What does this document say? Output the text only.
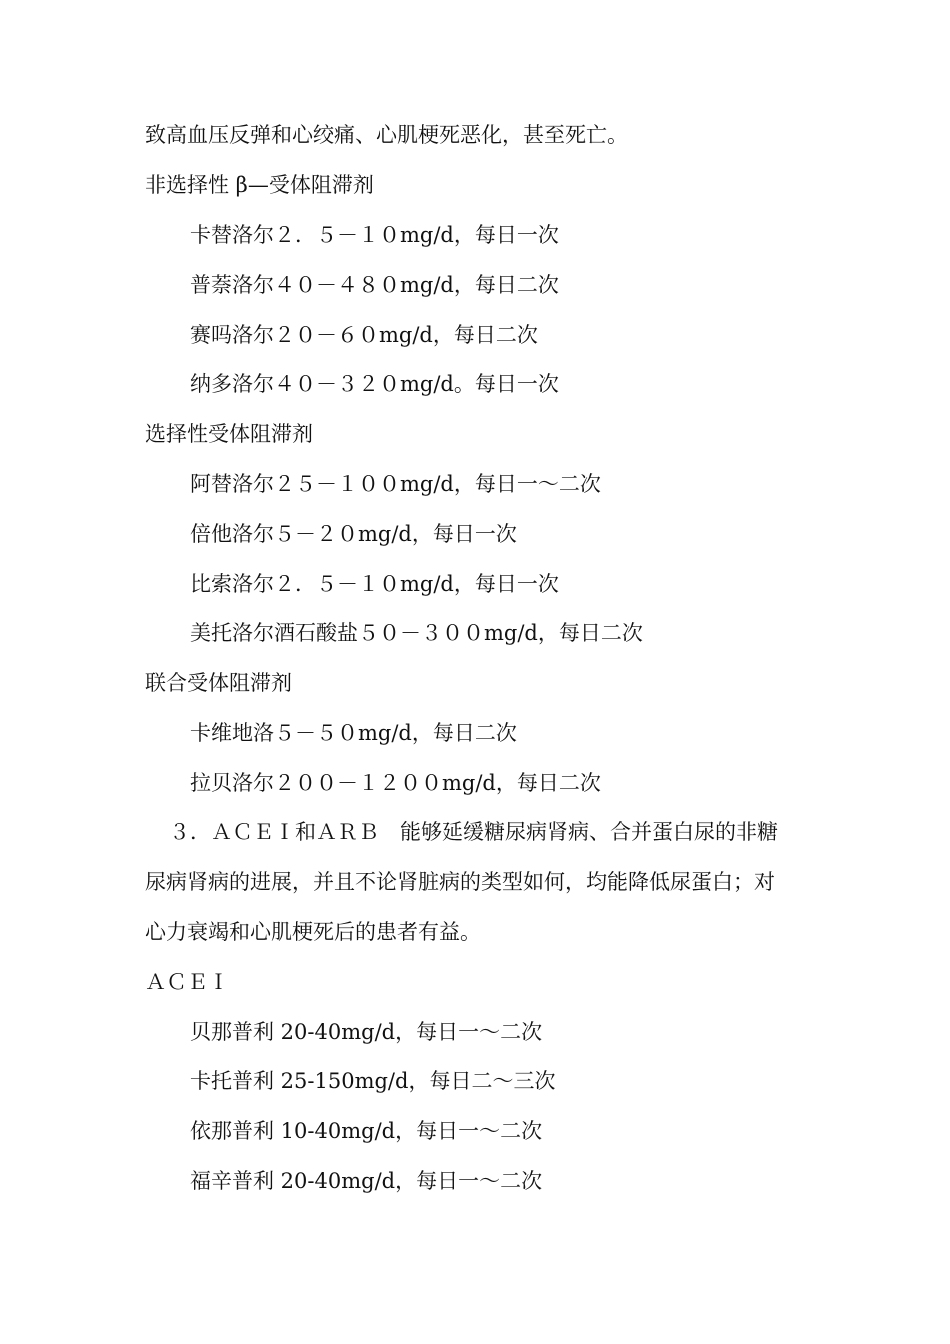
致高血压反弹和心绞痛、心肌梗死恶化，甚至死亡。
非选择性 β—受体阻滞剂
卡替洛尔２．５－１０mg/d，每日一次
普萘洛尔４０－４８０mg/d，每日二次
赛吗洛尔２０－６０mg/d，每日二次
纳多洛尔４０－３２０mg/d。每日一次
选择性受体阻滞剂
阿替洛尔２５－１００mg/d，每日一～二次
倍他洛尔５－２０mg/d，每日一次
比索洛尔２．５－１０mg/d，每日一次
美托洛尔酒石酸盐５０－３００mg/d，每日二次
联合受体阻滞剂
卡维地洛５－５０mg/d，每日二次
拉贝洛尔２００－１２００mg/d，每日二次
３．ＡＣＥＩ和ＡＲＢ　能够延缓糖尿病肾病、合并蛋白尿的非糖
尿病肾病的进展，并且不论肾脏病的类型如何，均能降低尿蛋白；对
心力衰竭和心肌梗死后的患者有益。
ＡＣＥＩ
贝那普利 20-40mg/d，每日一～二次
卡托普利 25-150mg/d，每日二～三次
依那普利 10-40mg/d，每日一～二次
福辛普利 20-40mg/d，每日一～二次
